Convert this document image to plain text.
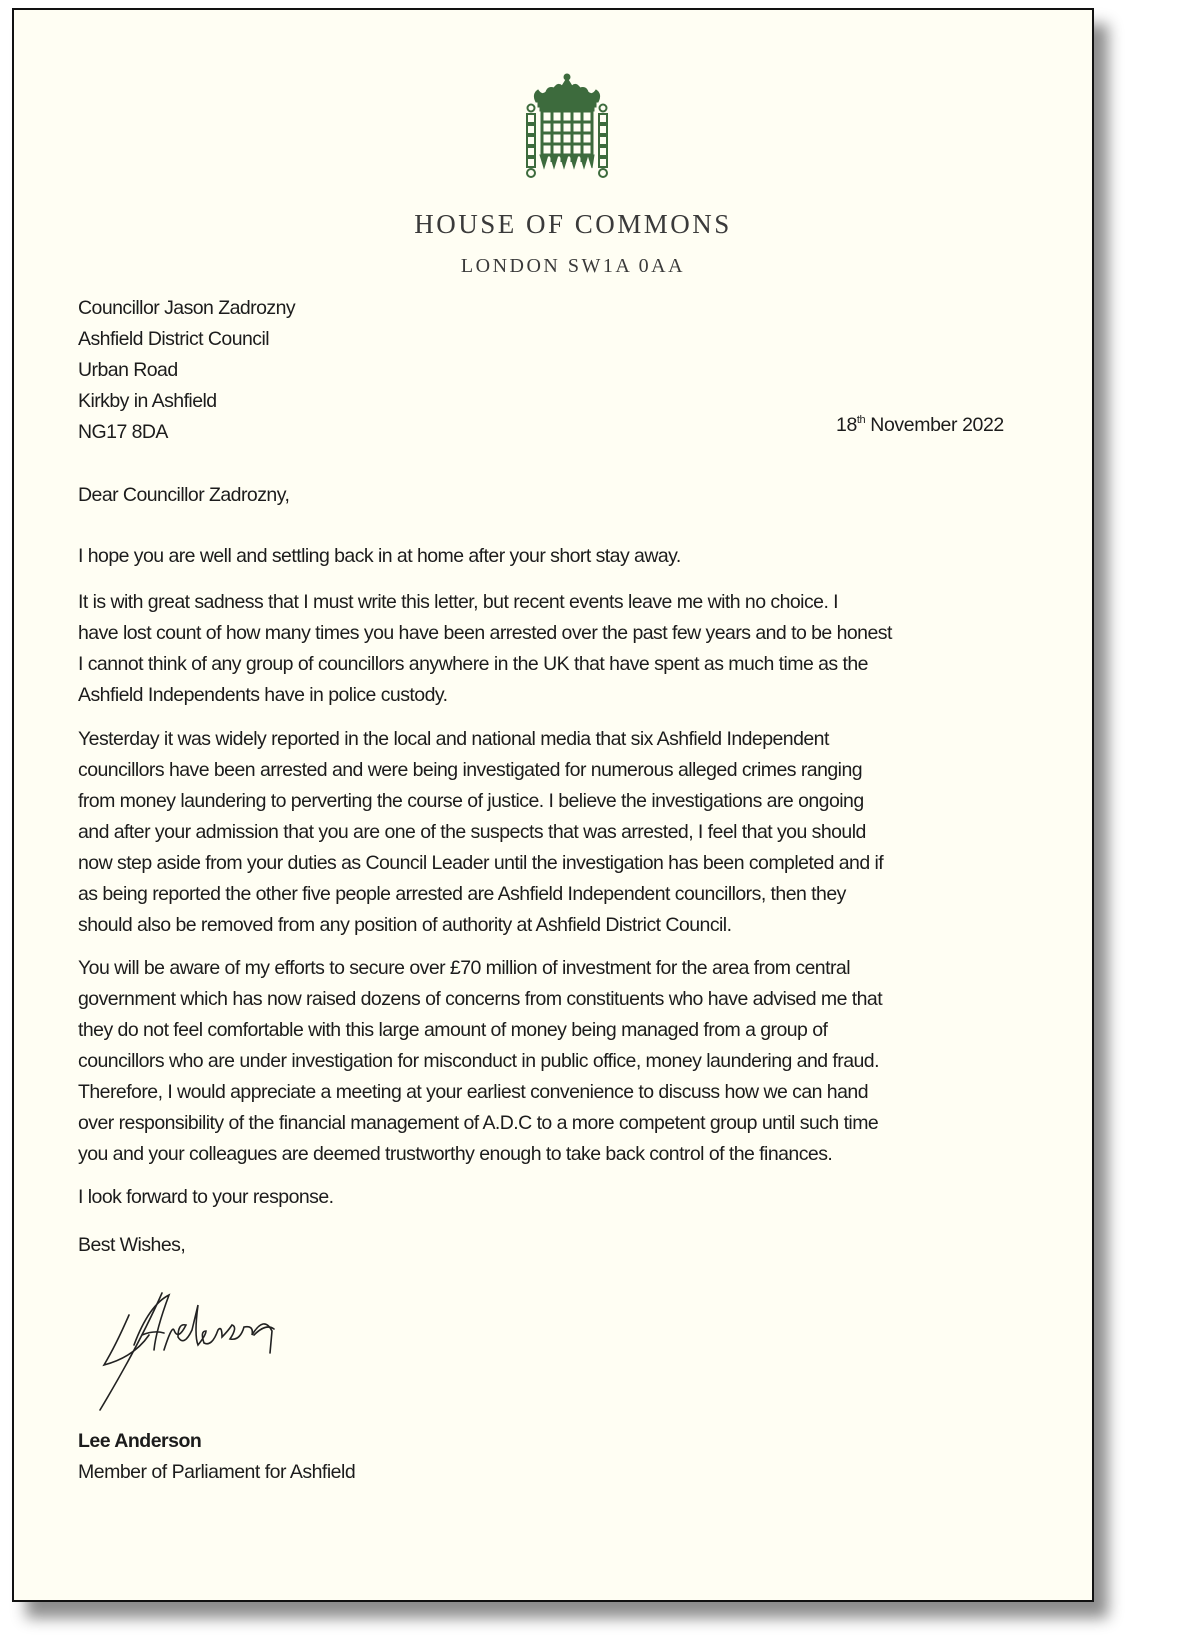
HOUSE OF COMMONS
LONDON SW1A 0AA
Councillor Jason Zadrozny
Ashfield District Council
Urban Road
Kirkby in Ashfield
NG17 8DA	18th November 2022
Dear Councillor Zadrozny,
I hope you are well and settling back in at home after your short stay away.
It is with great sadness that I must write this letter, but recent events leave me with no choice. I
have lost count of how many times you have been arrested over the past few years and to be honest
I cannot think of any group of councillors anywhere in the UK that have spent as much time as the
Ashfield Independents have in police custody.
Yesterday it was widely reported in the local and national media that six Ashfield Independent
councillors have been arrested and were being investigated for numerous alleged crimes ranging
from money laundering to perverting the course of justice. I believe the investigations are ongoing
and after your admission that you are one of the suspects that was arrested, I feel that you should
now step aside from your duties as Council Leader until the investigation has been completed and if
as being reported the other five people arrested are Ashfield Independent councillors, then they
should also be removed from any position of authority at Ashfield District Council.
You will be aware of my efforts to secure over £70 million of investment for the area from central
government which has now raised dozens of concerns from constituents who have advised me that
they do not feel comfortable with this large amount of money being managed from a group of
councillors who are under investigation for misconduct in public office, money laundering and fraud.
Therefore, I would appreciate a meeting at your earliest convenience to discuss how we can hand
over responsibility of the financial management of A.D.C to a more competent group until such time
you and your colleagues are deemed trustworthy enough to take back control of the finances.
I look forward to your response.
Best Wishes,
Lee Anderson
Member of Parliament for Ashfield
